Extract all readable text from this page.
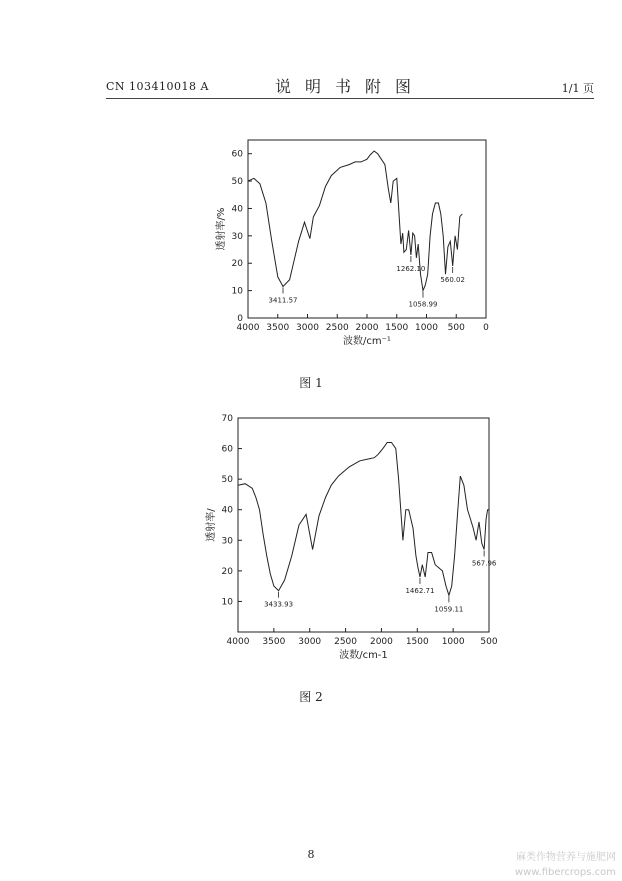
CN 103410018 A	说明书附图	1/1 页
4000 3500 3000 2500 2000 1500 1000 500 0
0
10
20
30
40
50
60
波数/cm⁻¹
透射率/%
3411.57
1262.10
1058.99
560.02
图 1
4000 3500 3000 2500 2000 1500 1000 500
10
20
30
40
50
60
70
波数/cm-1
透射率/
3433.93
1462.71
1059.11
567.96
图 2
8	麻类作物营养与施肥网
www.fibercrops.com
